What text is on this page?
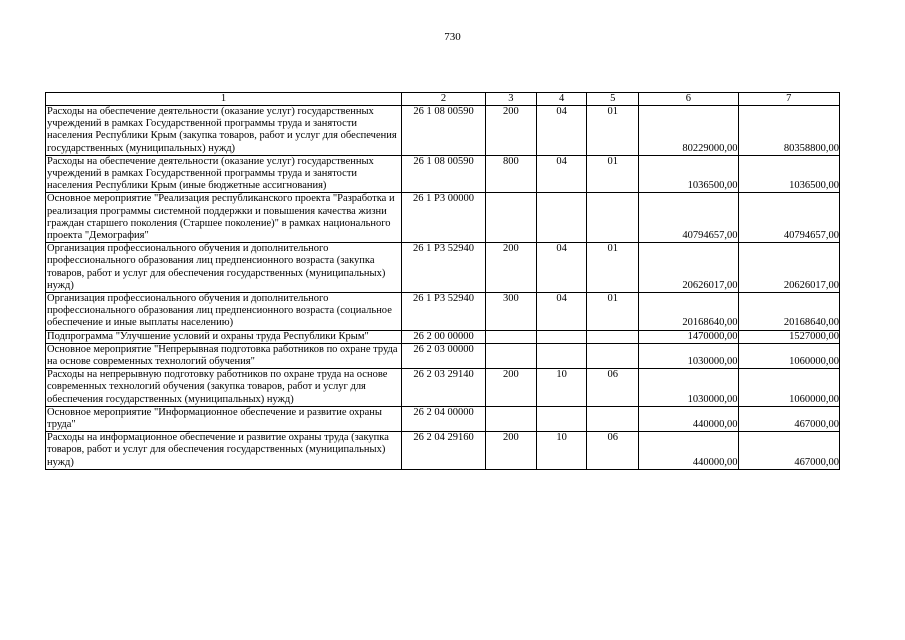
730
1	2	3	4	5	6	7
Расходы на обеспечение деятельности (оказание услуг) государственных учреждений в рамках Государственной программы труда и занятости населения Республики Крым (закупка товаров, работ и услуг для обеспечения государственных (муниципальных) нужд)	26 1 08 00590	200	04	01	80229000,00	80358800,00
Расходы на обеспечение деятельности (оказание услуг) государственных учреждений в рамках Государственной программы труда и занятости населения Республики Крым (иные бюджетные ассигнования)	26 1 08 00590	800	04	01	1036500,00	1036500,00
Основное мероприятие "Реализация республиканского проекта "Разработка и реализация программы системной поддержки и повышения качества жизни граждан старшего поколения (Старшее поколение)" в рамках национального проекта "Демография"	26 1 P3 00000				40794657,00	40794657,00
Организация профессионального обучения и дополнительного профессионального образования лиц предпенсионного возраста (закупка товаров, работ и услуг для обеспечения государственных (муниципальных) нужд)	26 1 P3 52940	200	04	01	20626017,00	20626017,00
Организация профессионального обучения и дополнительного профессионального образования лиц предпенсионного возраста (социальное обеспечение и иные выплаты населению)	26 1 P3 52940	300	04	01	20168640,00	20168640,00
Подпрограмма "Улучшение условий и охраны труда Республики Крым"	26 2 00 00000				1470000,00	1527000,00
Основное мероприятие "Непрерывная подготовка работников по охране труда на основе современных технологий обучения"	26 2 03 00000				1030000,00	1060000,00
Расходы на непрерывную подготовку работников по охране труда на основе современных технологий обучения (закупка товаров, работ и услуг для обеспечения государственных (муниципальных) нужд)	26 2 03 29140	200	10	06	1030000,00	1060000,00
Основное мероприятие "Информационное обеспечение и развитие охраны труда"	26 2 04 00000				440000,00	467000,00
Расходы на информационное обеспечение и развитие охраны труда (закупка товаров, работ и услуг для обеспечения государственных (муниципальных) нужд)	26 2 04 29160	200	10	06	440000,00	467000,00
